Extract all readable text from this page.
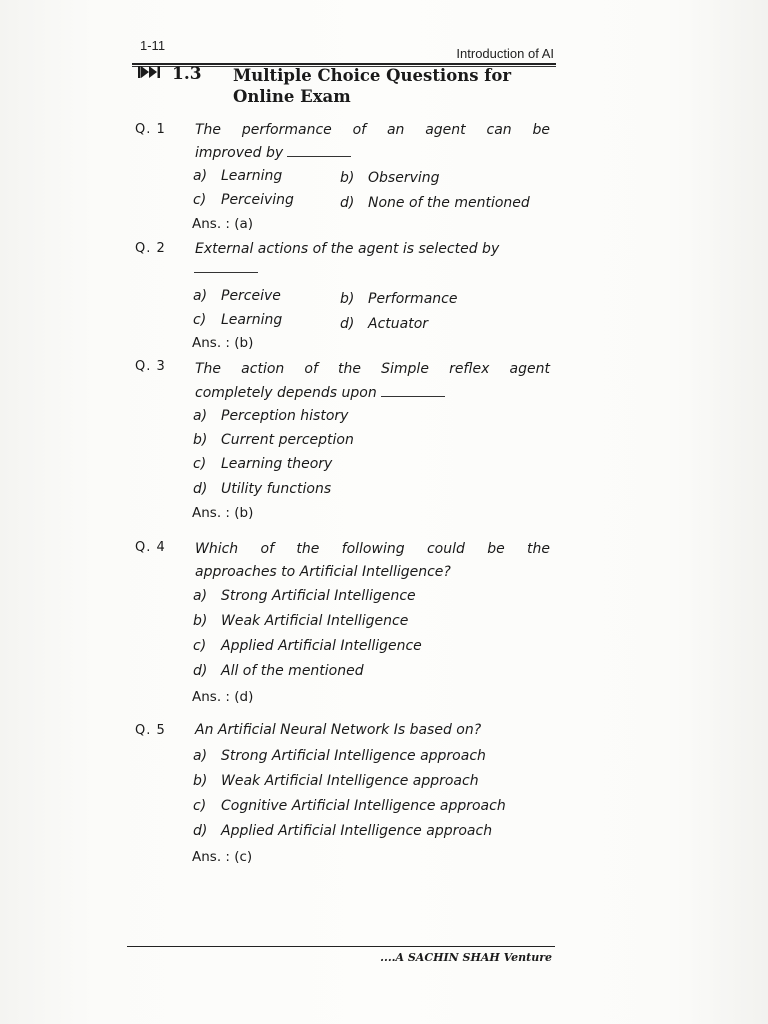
1-11
Introduction of AI
1.3 Multiple Choice Questions for Online Exam
Q. 1 The performance of an agent can be
improved by
a) Learning	b) Observing
c) Perceiving	d) None of the mentioned
Ans. : (a)
Q. 2 External actions of the agent is selected by
a) Perceive	b) Performance
c) Learning	d) Actuator
Ans. : (b)
Q. 3 The action of the Simple reflex agent
completely depends upon
a) Perception history
b) Current perception
c) Learning theory
d) Utility functions
Ans. : (b)
Q. 4 Which of the following could be the
approaches to Artificial Intelligence?
a) Strong Artificial Intelligence
b) Weak Artificial Intelligence
c) Applied Artificial Intelligence
d) All of the mentioned
Ans. : (d)
Q. 5 An Artificial Neural Network Is based on?
a) Strong Artificial Intelligence approach
b) Weak Artificial Intelligence approach
c) Cognitive Artificial Intelligence approach
d) Applied Artificial Intelligence approach
Ans. : (c)
....A SACHIN SHAH Venture
